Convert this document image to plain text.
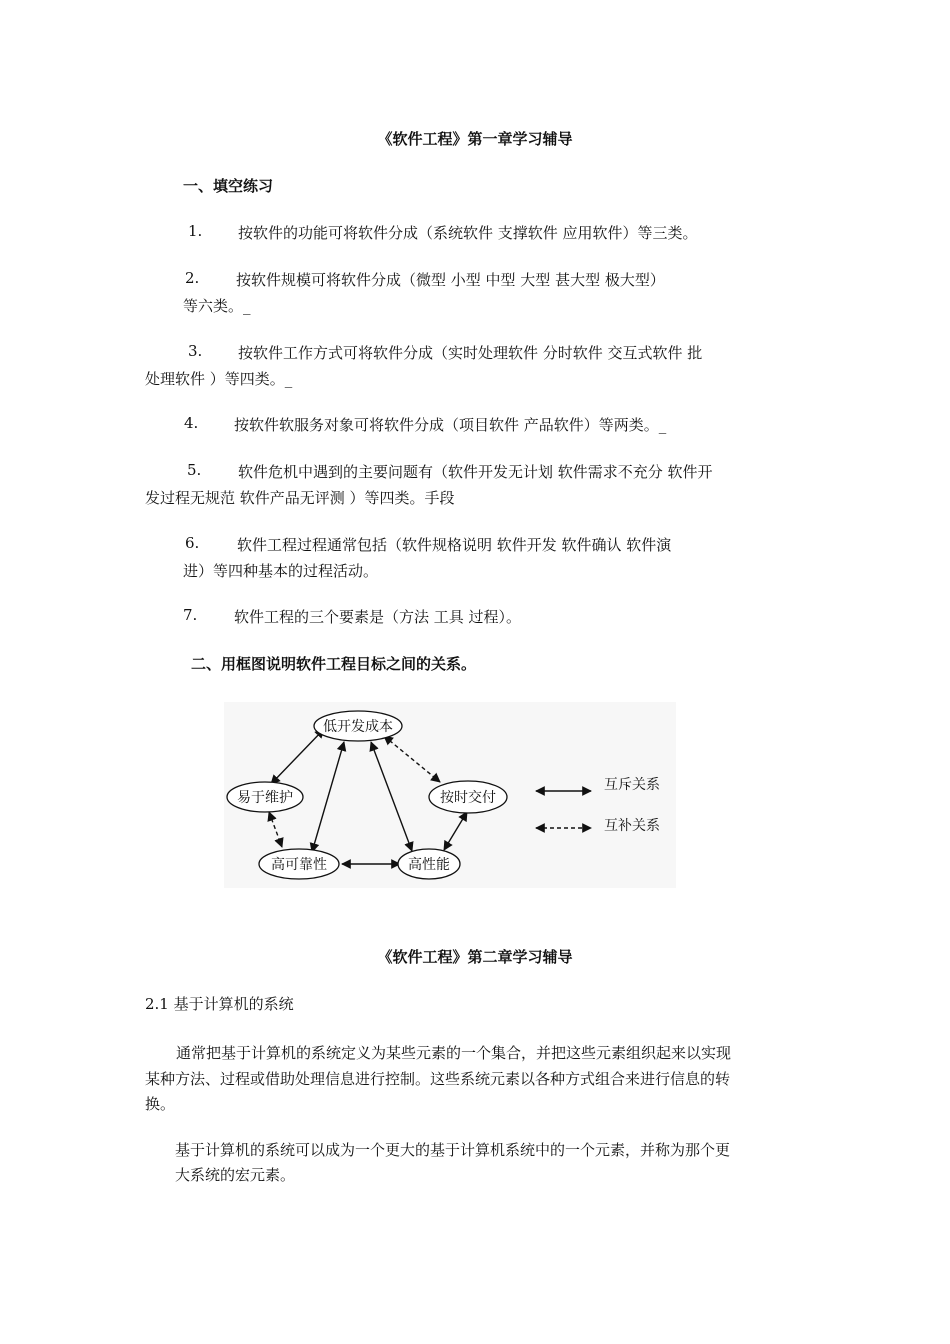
《软件工程》第一章学习辅导
一、填空练习
1. 按软件的功能可将软件分成（系统软件 支撑软件 应用软件）等三类。
2. 按软件规模可将软件分成（微型 小型 中型 大型 甚大型 极大型）
等六类。_
3. 按软件工作方式可将软件分成（实时处理软件 分时软件 交互式软件 批
处理软件 ）等四类。_
4. 按软件软服务对象可将软件分成（项目软件 产品软件）等两类。_
5. 软件危机中遇到的主要问题有（软件开发无计划 软件需求不充分 软件开
发过程无规范 软件产品无评测 ）等四类。手段
6.	软件工程过程通常包括（软件规格说明 软件开发 软件确认 软件演
进）等四种基本的过程活动。
7. 软件工程的三个要素是（方法 工具 过程）。
二、用框图说明软件工程目标之间的关系。
低开发成本
易于维护	按时交付
高可靠性	高性能
互斥关系
互补关系
《软件工程》第二章学习辅导
2.1 基于计算机的系统
通常把基于计算机的系统定义为某些元素的一个集合，并把这些元素组织起来以实现
某种方法、过程或借助处理信息进行控制。这些系统元素以各种方式组合来进行信息的转
换。
基于计算机的系统可以成为一个更大的基于计算机系统中的一个元素，并称为那个更
大系统的宏元素。
